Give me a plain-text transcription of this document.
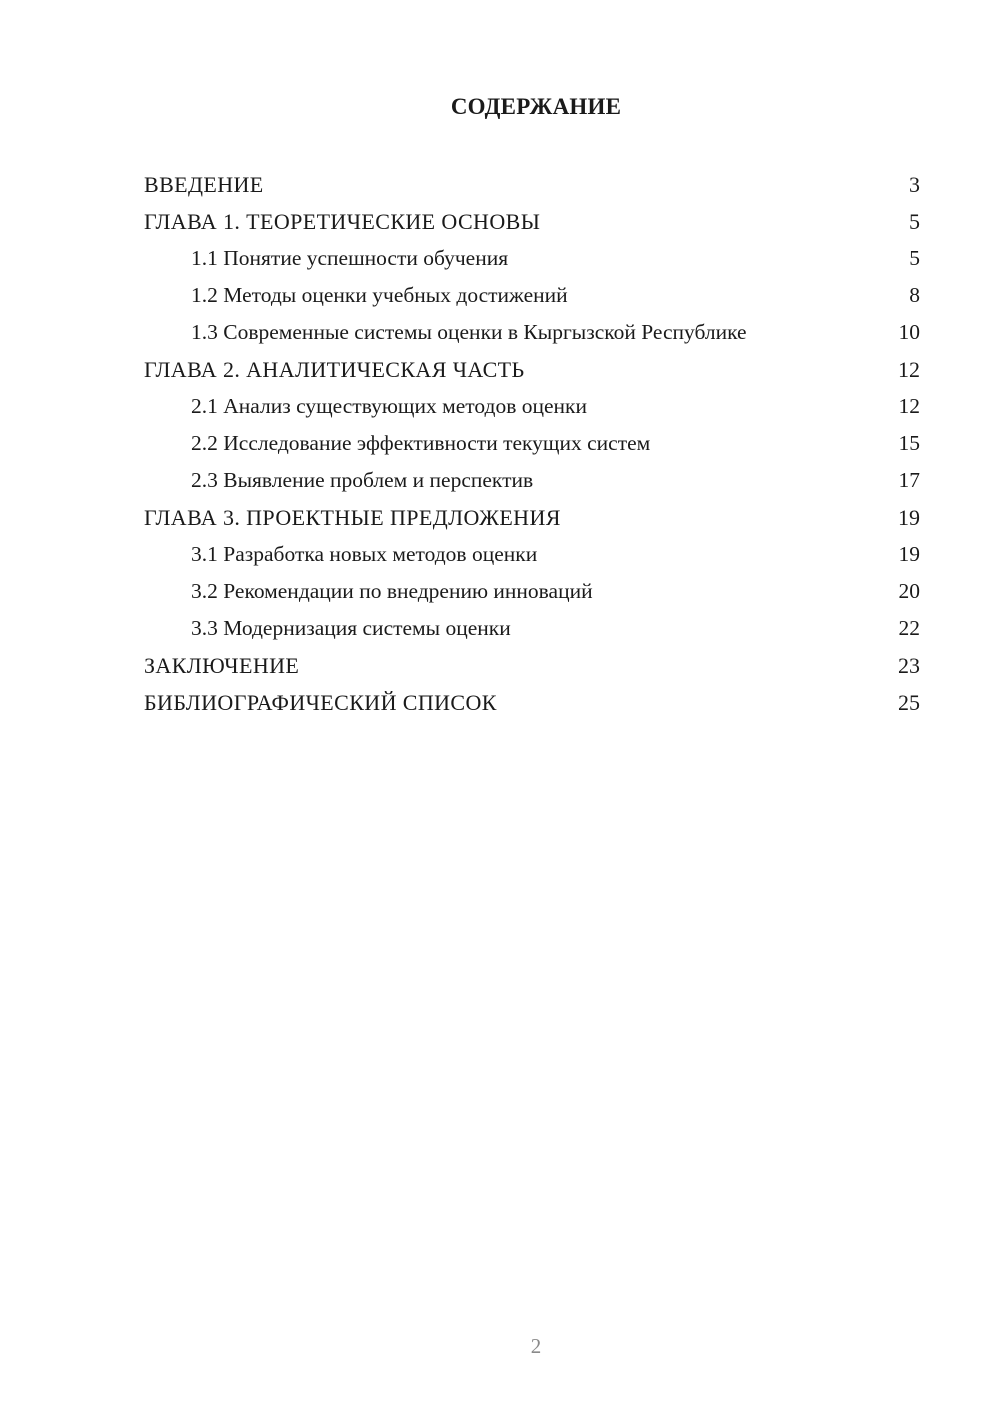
СОДЕРЖАНИЕ
ВВЕДЕНИЕ	3
ГЛАВА 1. ТЕОРЕТИЧЕСКИЕ ОСНОВЫ	5
1.1 Понятие успешности обучения	5
1.2 Методы оценки учебных достижений	8
1.3 Современные системы оценки в Кыргызской Республике	10
ГЛАВА 2. АНАЛИТИЧЕСКАЯ ЧАСТЬ	12
2.1 Анализ существующих методов оценки	12
2.2 Исследование эффективности текущих систем	15
2.3 Выявление проблем и перспектив	17
ГЛАВА 3. ПРОЕКТНЫЕ ПРЕДЛОЖЕНИЯ	19
3.1 Разработка новых методов оценки	19
3.2 Рекомендации по внедрению инноваций	20
3.3 Модернизация системы оценки	22
ЗАКЛЮЧЕНИЕ	23
БИБЛИОГРАФИЧЕСКИЙ СПИСОК	25
2
